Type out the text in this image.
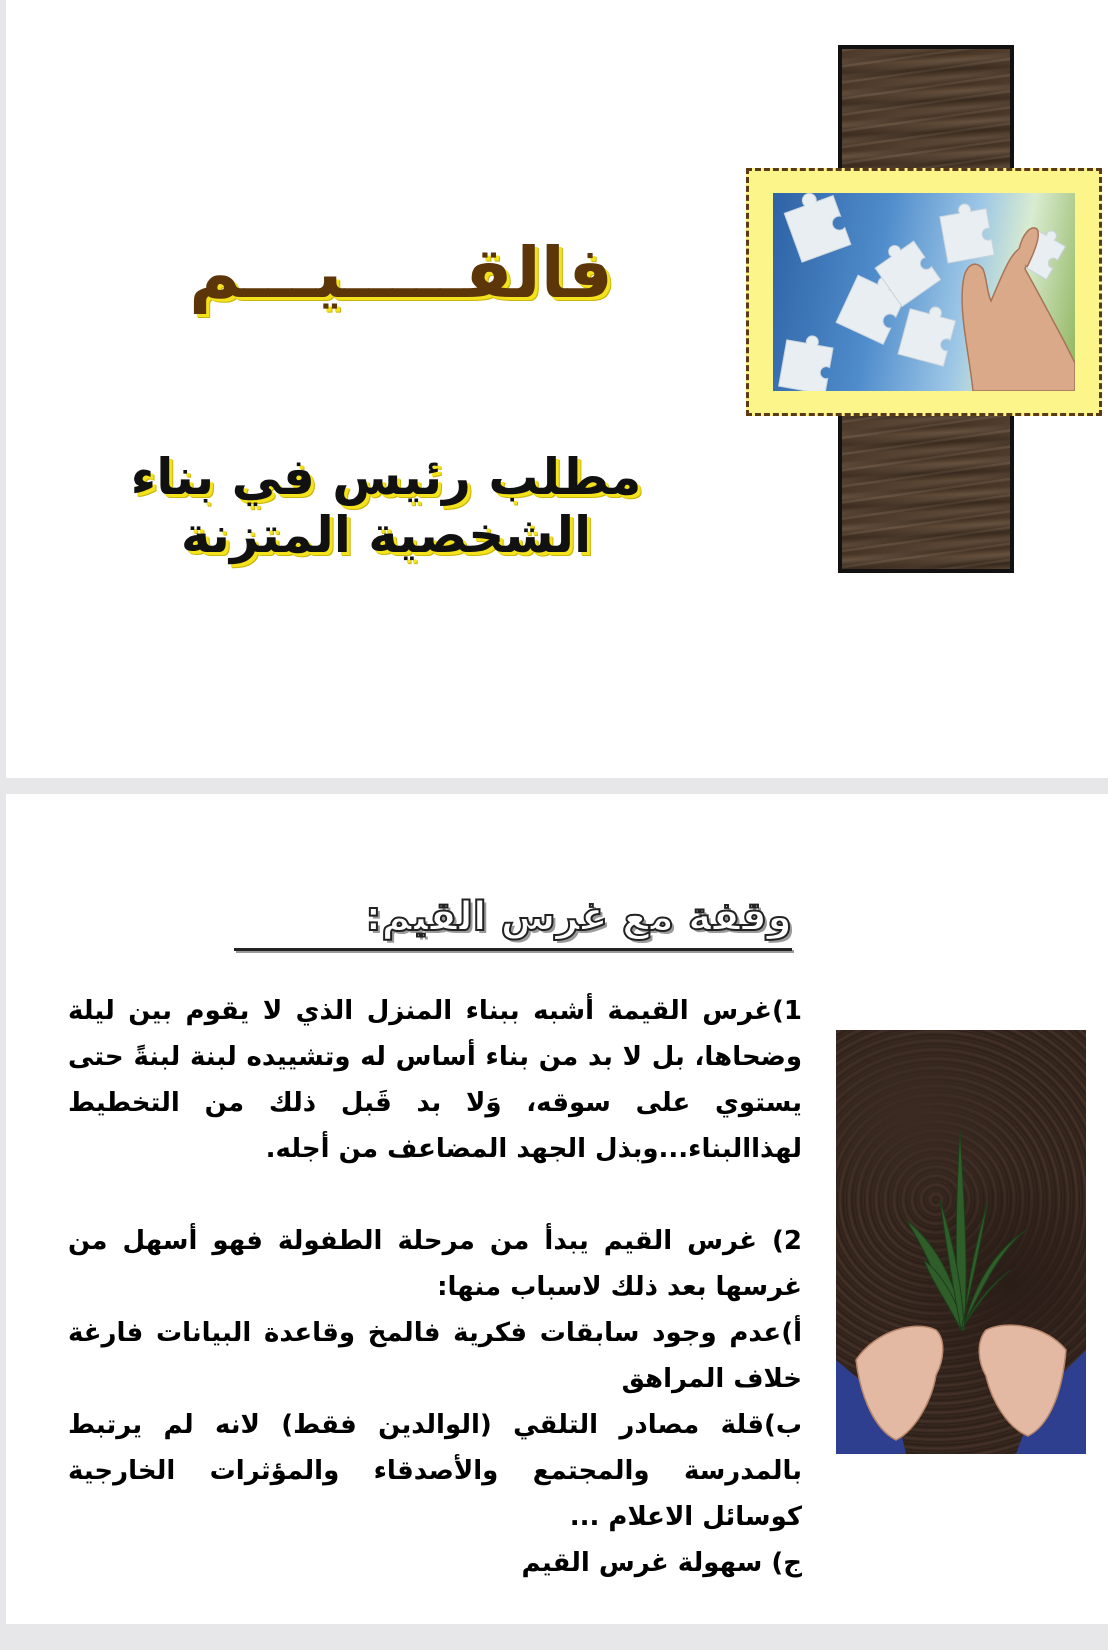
فالقـــــيـــم
مطلب رئيس في بناء الشخصية المتزنة
وقفة مع غرس القيم:

1)غرس القيمة أشبه ببناء المنزل الذي لا يقوم بين ليلة وضحاها، بل لا بد من بناء أساس له وتشييده لبنة لبنةً حتى يستوي على سوقه، وَلا بد قَبل ذلك من التخطيط لهذاالبناء...وبذل الجهد المضاعف من أجله.

2) غرس القيم يبدأ من مرحلة الطفولة فهو أسهل من غرسها بعد ذلك لاسباب منها:

أ)عدم وجود سابقات فكرية فالمخ وقاعدة البيانات فارغة خلاف المراهق

ب)قلة مصادر التلقي (الوالدين فقط) لانه لم يرتبط بالمدرسة والمجتمع والأصدقاء والمؤثرات الخارجية كوسائل الاعلام ...

ج) سهولة غرس القيم
